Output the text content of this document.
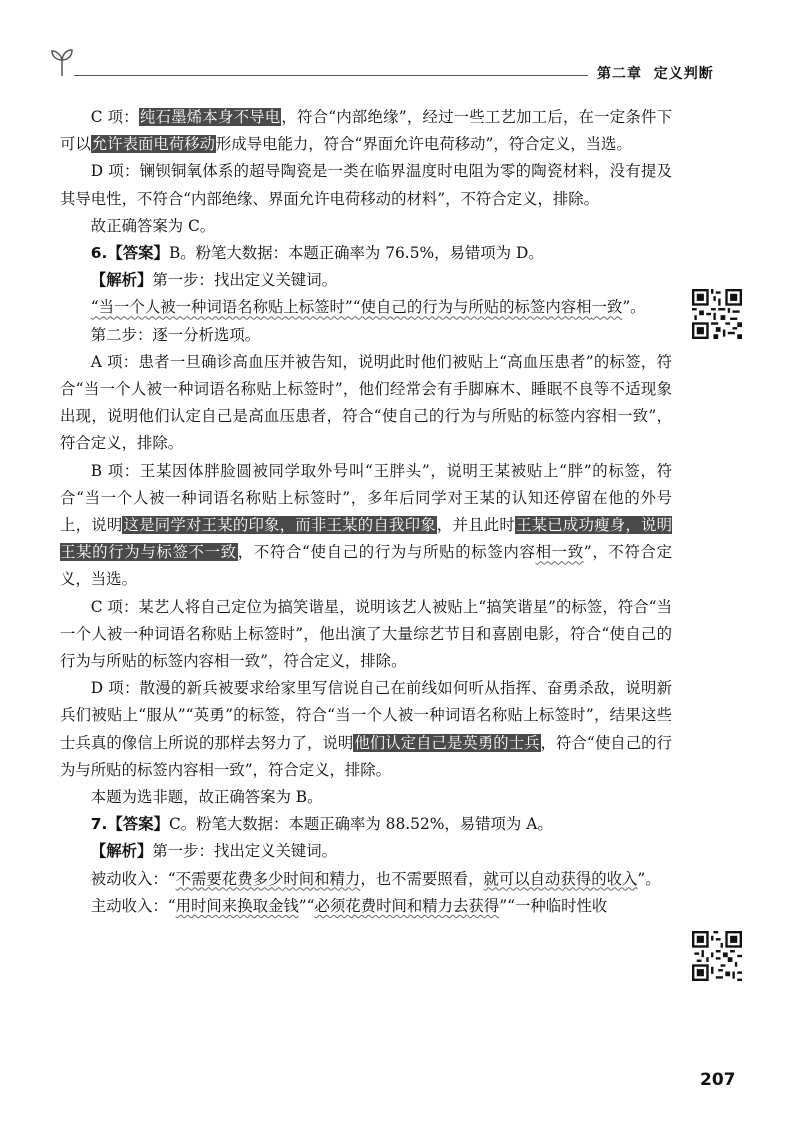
第二章 定义判断

C 项：纯石墨烯本身不导电，符合“内部绝缘”，经过一些工艺加工后，在一定条件下可以允许表面电荷移动形成导电能力，符合“界面允许电荷移动”，符合定义，当选。

D 项：镧钡铜氧体系的超导陶瓷是一类在临界温度时电阻为零的陶瓷材料，没有提及其导电性，不符合“内部绝缘、界面允许电荷移动的材料”，不符合定义，排除。

故正确答案为 C。

6.【答案】B。粉笔大数据：本题正确率为 76.5%，易错项为 D。

【解析】第一步：找出定义关键词。

“当一个人被一种词语名称贴上标签时”“使自己的行为与所贴的标签内容相一致”。

第二步：逐一分析选项。

A 项：患者一旦确诊高血压并被告知，说明此时他们被贴上“高血压患者”的标签，符合“当一个人被一种词语名称贴上标签时”，他们经常会有手脚麻木、睡眠不良等不适现象出现，说明他们认定自己是高血压患者，符合“使自己的行为与所贴的标签内容相一致”，符合定义，排除。

B 项：王某因体胖脸圆被同学取外号叫“王胖头”，说明王某被贴上“胖”的标签，符合“当一个人被一种词语名称贴上标签时”，多年后同学对王某的认知还停留在他的外号上，说明这是同学对王某的印象，而非王某的自我印象，并且此时王某已成功瘦身，说明王某的行为与标签不一致，不符合“使自己的行为与所贴的标签内容相一致”，不符合定义，当选。

C 项：某艺人将自己定位为搞笑谐星，说明该艺人被贴上“搞笑谐星”的标签，符合“当一个人被一种词语名称贴上标签时”，他出演了大量综艺节目和喜剧电影，符合“使自己的行为与所贴的标签内容相一致”，符合定义，排除。

D 项：散漫的新兵被要求给家里写信说自己在前线如何听从指挥、奋勇杀敌，说明新兵们被贴上“服从”“英勇”的标签，符合“当一个人被一种词语名称贴上标签时”，结果这些士兵真的像信上所说的那样去努力了，说明他们认定自己是英勇的士兵，符合“使自己的行为与所贴的标签内容相一致”，符合定义，排除。

本题为选非题，故正确答案为 B。

7.【答案】C。粉笔大数据：本题正确率为 88.52%，易错项为 A。

【解析】第一步：找出定义关键词。

被动收入：“不需要花费多少时间和精力，也不需要照看，就可以自动获得的收入”。

主动收入：“用时间来换取金钱”“必须花费时间和精力去获得”“一种临时性收

207
